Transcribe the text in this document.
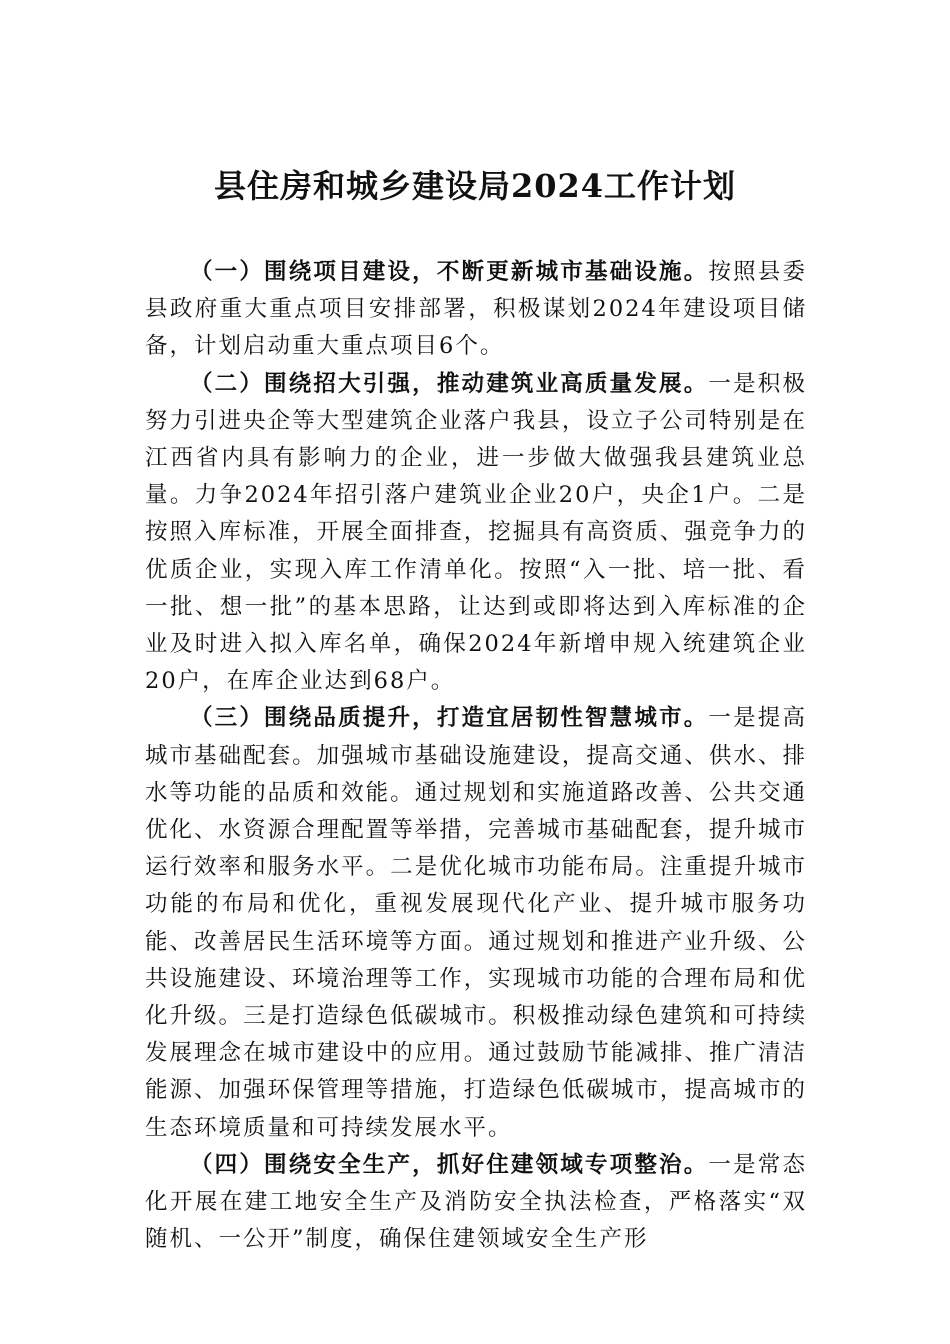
县住房和城乡建设局2024工作计划

（一）围绕项目建设，不断更新城市基础设施。按照县委县政府重大重点项目安排部署，积极谋划2024年建设项目储备，计划启动重大重点项目6个。

（二）围绕招大引强，推动建筑业高质量发展。一是积极努力引进央企等大型建筑企业落户我县，设立子公司特别是在江西省内具有影响力的企业，进一步做大做强我县建筑业总量。力争2024年招引落户建筑业企业20户，央企1户。二是按照入库标准，开展全面排查，挖掘具有高资质、强竞争力的优质企业，实现入库工作清单化。按照“入一批、培一批、看一批、想一批”的基本思路，让达到或即将达到入库标准的企业及时进入拟入库名单，确保2024年新增申规入统建筑企业20户，在库企业达到68户。

（三）围绕品质提升，打造宜居韧性智慧城市。一是提高城市基础配套。加强城市基础设施建设，提高交通、供水、排水等功能的品质和效能。通过规划和实施道路改善、公共交通优化、水资源合理配置等举措，完善城市基础配套，提升城市运行效率和服务水平。二是优化城市功能布局。注重提升城市功能的布局和优化，重视发展现代化产业、提升城市服务功能、改善居民生活环境等方面。通过规划和推进产业升级、公共设施建设、环境治理等工作，实现城市功能的合理布局和优化升级。三是打造绿色低碳城市。积极推动绿色建筑和可持续发展理念在城市建设中的应用。通过鼓励节能减排、推广清洁能源、加强环保管理等措施，打造绿色低碳城市，提高城市的生态环境质量和可持续发展水平。

（四）围绕安全生产，抓好住建领域专项整治。一是常态化开展在建工地安全生产及消防安全执法检查，严格落实“双随机、一公开”制度，确保住建领域安全生产形
